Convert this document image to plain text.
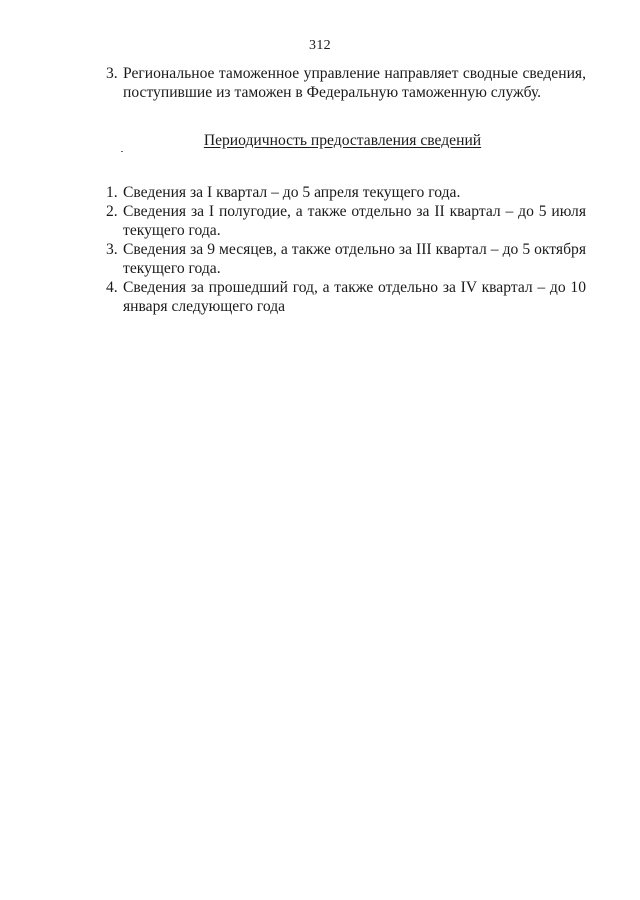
312
3. Региональное таможенное управление направляет сводные сведения, поступившие из таможен в Федеральную таможенную службу.
Периодичность предоставления сведений
1. Сведения за I квартал – до 5 апреля текущего года.
2. Сведения за I полугодие, а также отдельно за II квартал – до 5 июля текущего года.
3. Сведения за 9 месяцев, а также отдельно за III квартал – до 5 октября текущего года.
4. Сведения за прошедший год, а также отдельно за IV квартал – до 10 января следующего года
